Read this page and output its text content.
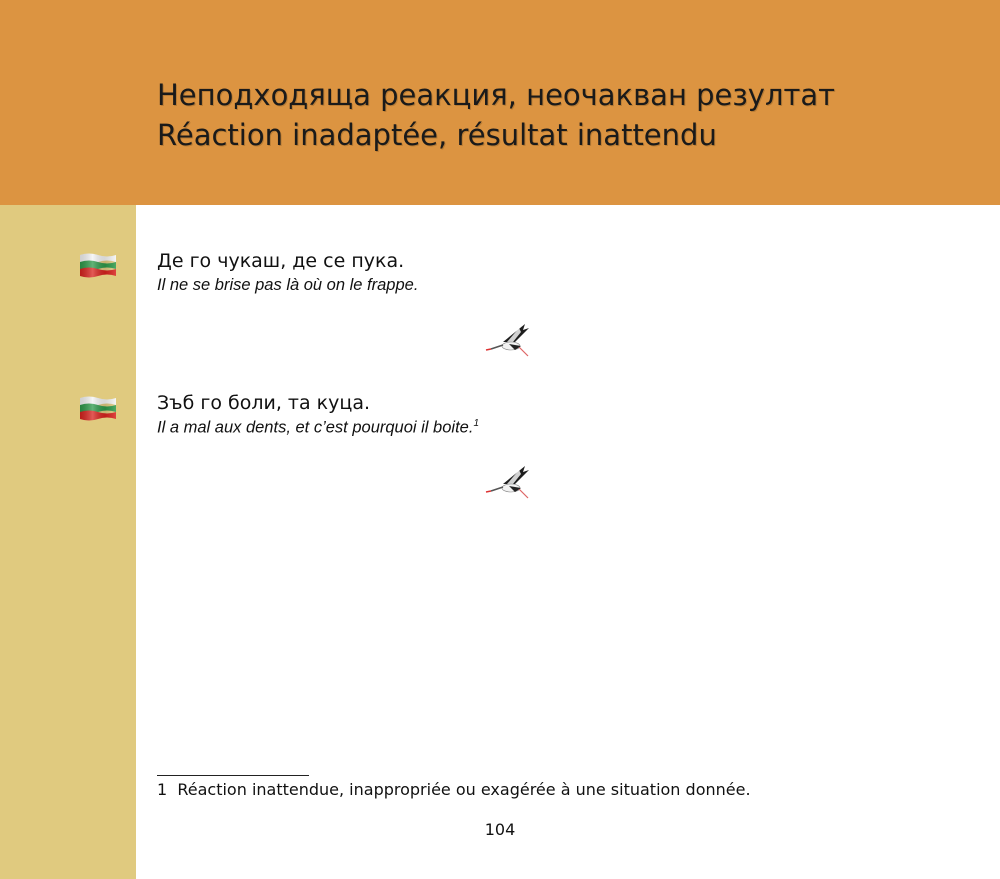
Неподходяща реакция, неочакван резултат
Réaction inadaptée, résultat inattendu
Де го чукаш, де се пука.
Il ne se brise pas là où on le frappe.
Зъб го боли, та куца.
Il a mal aux dents, et c’est pourquoi il boite.$^1$
1 Réaction inattendue, inappropriée ou exagérée à une situation donnée.
104
